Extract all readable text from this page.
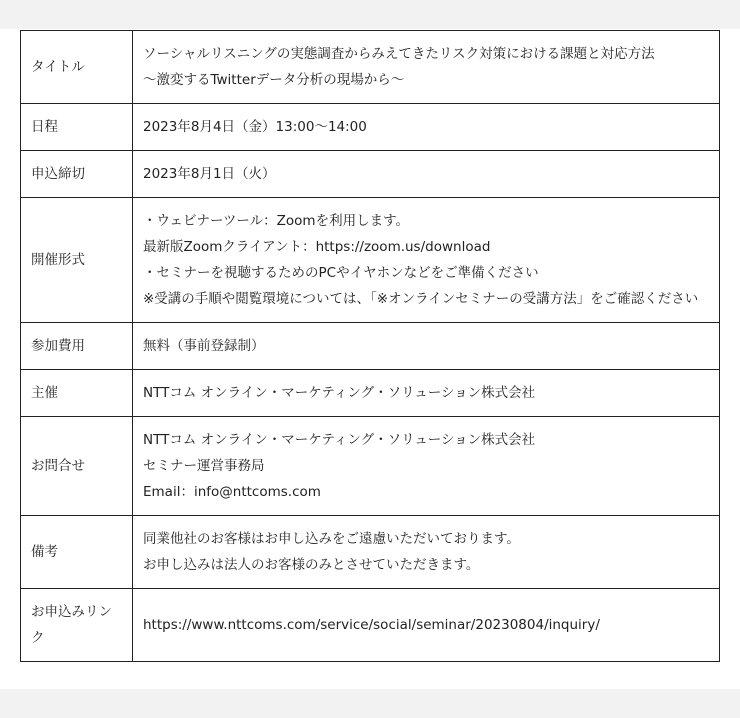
タイトル	ソーシャルリスニングの実態調査からみえてきたリスク対策における課題と対応方法
〜激変するTwitterデータ分析の現場から〜

日程	2023年8月4日（金）13:00〜14:00

申込締切	2023年8月1日（火）

開催形式	・ウェビナーツール：Zoomを利用します。
最新版Zoomクライアント：https://zoom.us/download
・セミナーを視聴するためのPCやイヤホンなどをご準備ください
※受講の手順や閲覧環境については、「※オンラインセミナーの受講方法」をご確認ください

参加費用	無料（事前登録制）

主催	NTTコム オンライン・マーケティング・ソリューション株式会社

お問合せ	NTTコム オンライン・マーケティング・ソリューション株式会社
セミナー運営事務局
Email：info@nttcoms.com

備考	同業他社のお客様はお申し込みをご遠慮いただいております。
お申し込みは法人のお客様のみとさせていただきます。

お申込みリンク	https://www.nttcoms.com/service/social/seminar/20230804/inquiry/
